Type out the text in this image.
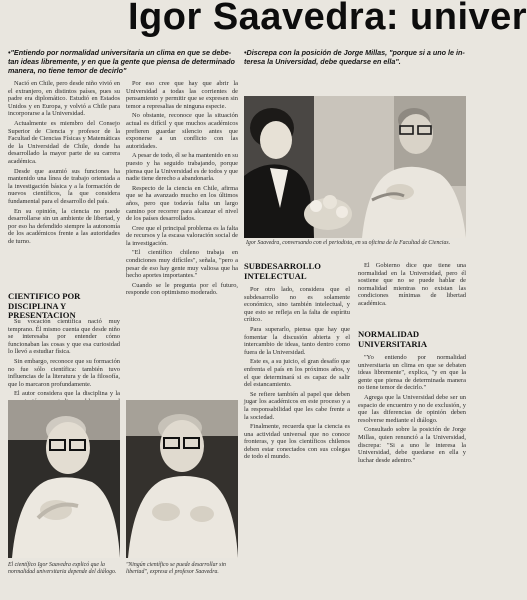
Igor Saavedra: univer
•"Entiendo por normalidad universitaria un clima en que se debe- tan ideas libremente, y en que la gente que piensa de determinado manera, no tiene temor de decirlo"
•Discrepa con la posición de Jorge Millas, "porque si a uno le in- teresa la Universidad, debe quedarse en ella".

Nació en Chile, pero desde niño vivió en el extranjero, en distintos países, pues su padre era diplomático. Estudió en Estados Unidos y en Europa, y volvió a Chile para incorporarse a la Universidad.

Actualmente es miembro del Consejo Superior de Ciencia y profesor de la Facultad de Ciencias Físicas y Matemáticas de la Universidad de Chile, donde ha desarrollado la mayor parte de su carrera académica.

Desde que asumió sus funciones ha mantenido una línea de trabajo orientada a la investigación básica y a la formación de nuevos científicos, la que considera fundamental para el desarrollo del país.

En su opinión, la ciencia no puede desarrollarse sin un ambiente de libertad, y por eso ha defendido siempre la autonomía de los académicos frente a las autoridades de turno.

CIENTIFICO POR DISCIPLINA Y PRESENTACION

Su vocación científica nació muy temprano. Él mismo cuenta que desde niño se interesaba por entender cómo funcionaban las cosas y que esa curiosidad lo llevó a estudiar física.

Sin embargo, reconoce que su formación no fue sólo científica: también tuvo influencias de la literatura y de la filosofía, que lo marcaron profundamente.

El autor considera que la disciplina y la

Por eso cree que hay que abrir la Universidad a todas las corrientes de pensamiento y permitir que se expresen sin temor a represalias de ninguna especie.

No obstante, reconoce que la situación actual es difícil y que muchos académicos prefieren guardar silencio antes que exponerse a un conflicto con las autoridades.

A pesar de todo, él se ha mantenido en su puesto y ha seguido trabajando, porque piensa que la Universidad es de todos y que nadie tiene derecho a abandonarla.

Respecto de la ciencia en Chile, afirma que se ha avanzado mucho en los últimos años, pero que todavía falta un largo camino por recorrer para alcanzar el nivel de los países desarrollados.

Cree que el principal problema es la falta de recursos y la escasa valoración social de la investigación.

"El científico chileno trabaja en condiciones muy difíciles", señala, "pero a pesar de eso hay gente muy valiosa que ha hecho aportes importantes."

Cuando se le pregunta por el futuro, responde con optimismo moderado.

Igor Saavedra, conversando con el periodista, en su oficina de la Facultad de Ciencias.
SUBDESARROLLO INTELECTUAL

Por otro lado, considera que el subdesarrollo no es solamente económico, sino también intelectual, y que esto se refleja en la falta de espíritu crítico.

Para superarlo, piensa que hay que fomentar la discusión abierta y el intercambio de ideas, tanto dentro como fuera de la Universidad.

Este es, a su juicio, el gran desafío que enfrenta el país en los próximos años, y el que determinará si es capaz de salir del estancamiento.

Se refiere también al papel que deben jugar los académicos en este proceso y a la responsabilidad que les cabe frente a la sociedad.

Finalmente, recuerda que la ciencia es una actividad universal que no conoce fronteras, y que los científicos chilenos deben estar conectados con sus colegas de todo el mundo.

El Gobierno dice que tiene una normalidad en la Universidad, pero él sostiene que no se puede hablar de normalidad mientras no existan las condiciones mínimas de libertad académica.

NORMALIDAD UNIVERSITARIA

"Yo entiendo por normalidad universitaria un clima en que se debaten ideas libremente", explica, "y en que la gente que piensa de determinada manera no tiene temor de decirlo."

Agrega que la Universidad debe ser un espacio de encuentro y no de exclusión, y que las diferencias de opinión deben resolverse mediante el diálogo.

Consultado sobre la posición de Jorge Millas, quien renunció a la Universidad, discrepa: "Si a uno le interesa la Universidad, debe quedarse en ella y luchar desde adentro."

El científico Igor Saavedra explicó que la normalidad universitaria depende del diálogo.
"Ningún científico se puede desarrollar sin libertad", expresa el profesor Saavedra.
